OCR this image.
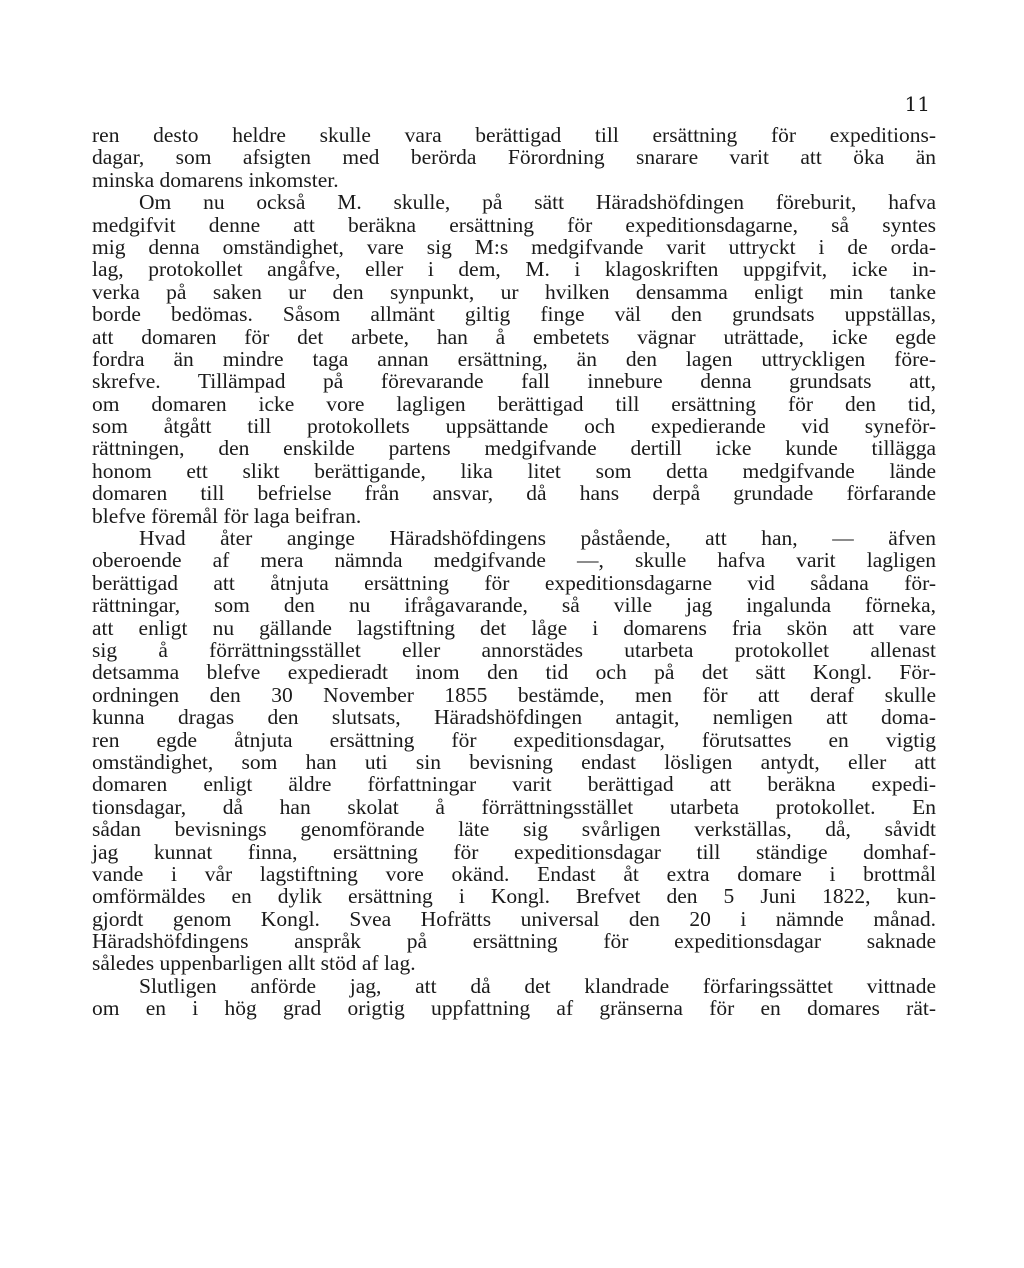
11
ren desto heldre skulle vara berättigad till ersättning för expeditions-
dagar, som afsigten med berörda Förordning snarare varit att öka än
minska domarens inkomster.
Om nu också M. skulle, på sätt Häradshöfdingen föreburit, hafva
medgifvit denne att beräkna ersättning för expeditionsdagarne, så syntes
mig denna omständighet, vare sig M:s medgifvande varit uttryckt i de orda-
lag, protokollet angåfve, eller i dem, M. i klagoskriften uppgifvit, icke in-
verka på saken ur den synpunkt, ur hvilken densamma enligt min tanke
borde bedömas. Såsom allmänt giltig finge väl den grundsats uppställas,
att domaren för det arbete, han å embetets vägnar uträttade, icke egde
fordra än mindre taga annan ersättning, än den lagen uttryckligen före-
skrefve. Tillämpad på förevarande fall innebure denna grundsats att,
om domaren icke vore lagligen berättigad till ersättning för den tid,
som åtgått till protokollets uppsättande och expedierande vid syneför-
rättningen, den enskilde partens medgifvande dertill icke kunde tillägga
honom ett slikt berättigande, lika litet som detta medgifvande lände
domaren till befrielse från ansvar, då hans derpå grundade förfarande
blefve föremål för laga beifran.
Hvad åter anginge Häradshöfdingens påstående, att han, — äfven
oberoende af mera nämnda medgifvande —, skulle hafva varit lagligen
berättigad att åtnjuta ersättning för expeditionsdagarne vid sådana för-
rättningar, som den nu ifrågavarande, så ville jag ingalunda förneka,
att enligt nu gällande lagstiftning det låge i domarens fria skön att vare
sig å förrättningsstället eller annorstädes utarbeta protokollet allenast
detsamma blefve expedieradt inom den tid och på det sätt Kongl. För-
ordningen den 30 November 1855 bestämde, men för att deraf skulle
kunna dragas den slutsats, Häradshöfdingen antagit, nemligen att doma-
ren egde åtnjuta ersättning för expeditionsdagar, förutsattes en vigtig
omständighet, som han uti sin bevisning endast lösligen antydt, eller att
domaren enligt äldre författningar varit berättigad att beräkna expedi-
tionsdagar, då han skolat å förrättningsstället utarbeta protokollet. En
sådan bevisnings genomförande läte sig svårligen verkställas, då, såvidt
jag kunnat finna, ersättning för expeditionsdagar till ständige domhaf-
vande i vår lagstiftning vore okänd. Endast åt extra domare i brottmål
omförmäldes en dylik ersättning i Kongl. Brefvet den 5 Juni 1822, kun-
gjordt genom Kongl. Svea Hofrätts universal den 20 i nämnde månad.
Häradshöfdingens anspråk på ersättning för expeditionsdagar saknade
således uppenbarligen allt stöd af lag.
Slutligen anförde jag, att då det klandrade förfaringssättet vittnade
om en i hög grad origtig uppfattning af gränserna för en domares rät-
